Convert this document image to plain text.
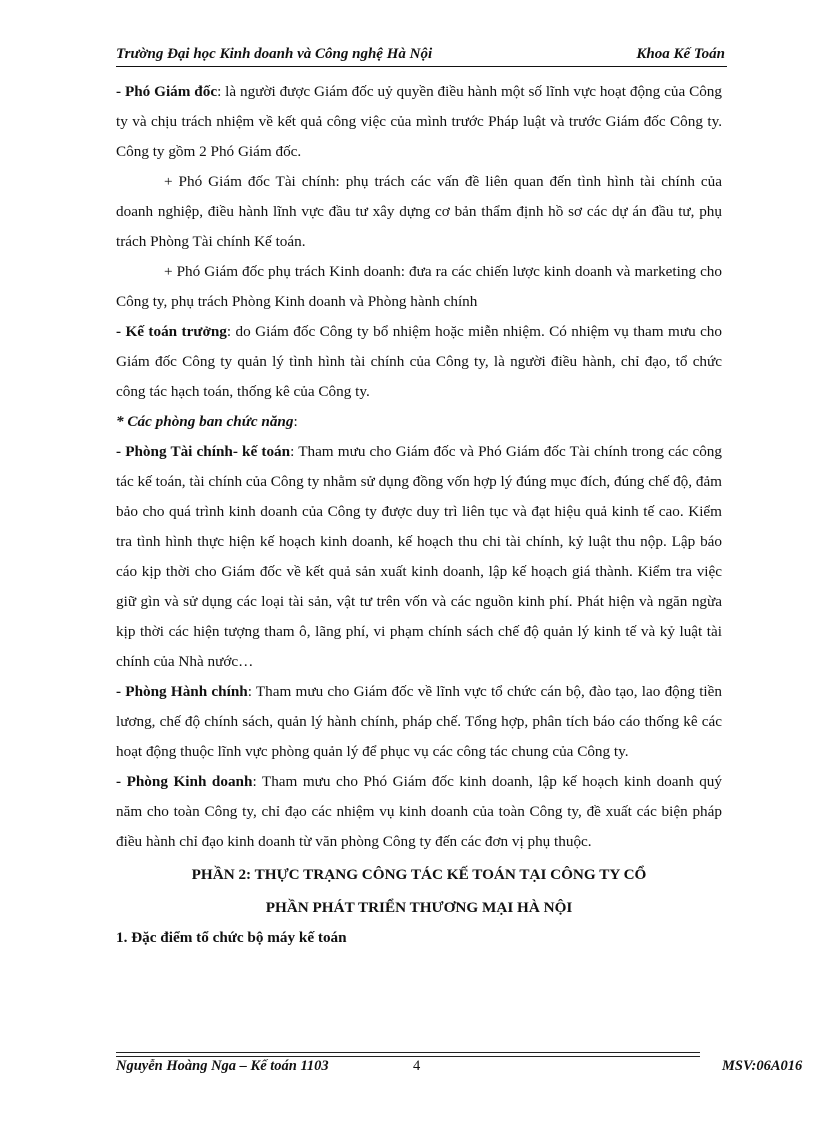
Trường Đại học Kinh doanh và Công nghệ Hà Nội	Khoa Kế Toán

- Phó Giám đốc: là người được Giám đốc uỷ quyền điều hành một số lĩnh vực hoạt động của Công ty và chịu trách nhiệm về kết quả công việc của mình trước Pháp luật và trước Giám đốc Công ty. Công ty gồm 2 Phó Giám đốc.

+ Phó Giám đốc Tài chính: phụ trách các vấn đề liên quan đến tình hình tài chính của doanh nghiệp, điều hành lĩnh vực đầu tư xây dựng cơ bản thẩm định hồ sơ các dự án đầu tư, phụ trách Phòng Tài chính Kế toán.

+ Phó Giám đốc phụ trách Kinh doanh: đưa ra các chiến lược kinh doanh và marketing cho Công ty, phụ trách Phòng Kinh doanh và Phòng hành chính

- Kế toán trưởng: do Giám đốc Công ty bổ nhiệm hoặc miễn nhiệm. Có nhiệm vụ tham mưu cho Giám đốc Công ty quản lý tình hình tài chính của Công ty, là người điều hành, chỉ đạo, tổ chức công tác hạch toán, thống kê của Công ty.

* Các phòng ban chức năng:

- Phòng Tài chính- kế toán: Tham mưu cho Giám đốc và Phó Giám đốc Tài chính trong các công tác kế toán, tài chính của Công ty nhằm sử dụng đồng vốn hợp lý đúng mục đích, đúng chế độ, đảm bảo cho quá trình kinh doanh của Công ty được duy trì liên tục và đạt hiệu quả kinh tế cao. Kiểm tra tình hình thực hiện kế hoạch kinh doanh, kế hoạch thu chi tài chính, kỷ luật thu nộp. Lập báo cáo kịp thời cho Giám đốc về kết quả sản xuất kinh doanh, lập kế hoạch giá thành. Kiểm tra việc giữ gìn và sử dụng các loại tài sản, vật tư trên vốn và các nguồn kinh phí. Phát hiện và ngăn ngừa kịp thời các hiện tượng tham ô, lãng phí, vi phạm chính sách chế độ quản lý kinh tế và kỷ luật tài chính của Nhà nước…

- Phòng Hành chính: Tham mưu cho Giám đốc về lĩnh vực tổ chức cán bộ, đào tạo, lao động tiền lương, chế độ chính sách, quản lý hành chính, pháp chế. Tổng hợp, phân tích báo cáo thống kê các hoạt động thuộc lĩnh vực phòng quản lý để phục vụ các công tác chung của Công ty.

- Phòng Kinh doanh: Tham mưu cho Phó Giám đốc kinh doanh, lập kế hoạch kinh doanh quý năm cho toàn Công ty, chỉ đạo các nhiệm vụ kinh doanh của toàn Công ty, đề xuất các biện pháp điều hành chỉ đạo kinh doanh từ văn phòng Công ty đến các đơn vị phụ thuộc.

PHẦN 2: THỰC TRẠNG CÔNG TÁC KẾ TOÁN TẠI CÔNG TY CỔ

PHẦN PHÁT TRIỂN THƯƠNG MẠI HÀ NỘI

1. Đặc điểm tổ chức bộ máy kế toán

Nguyễn Hoàng Nga – Kế toán 1103	4	MSV:06A016
